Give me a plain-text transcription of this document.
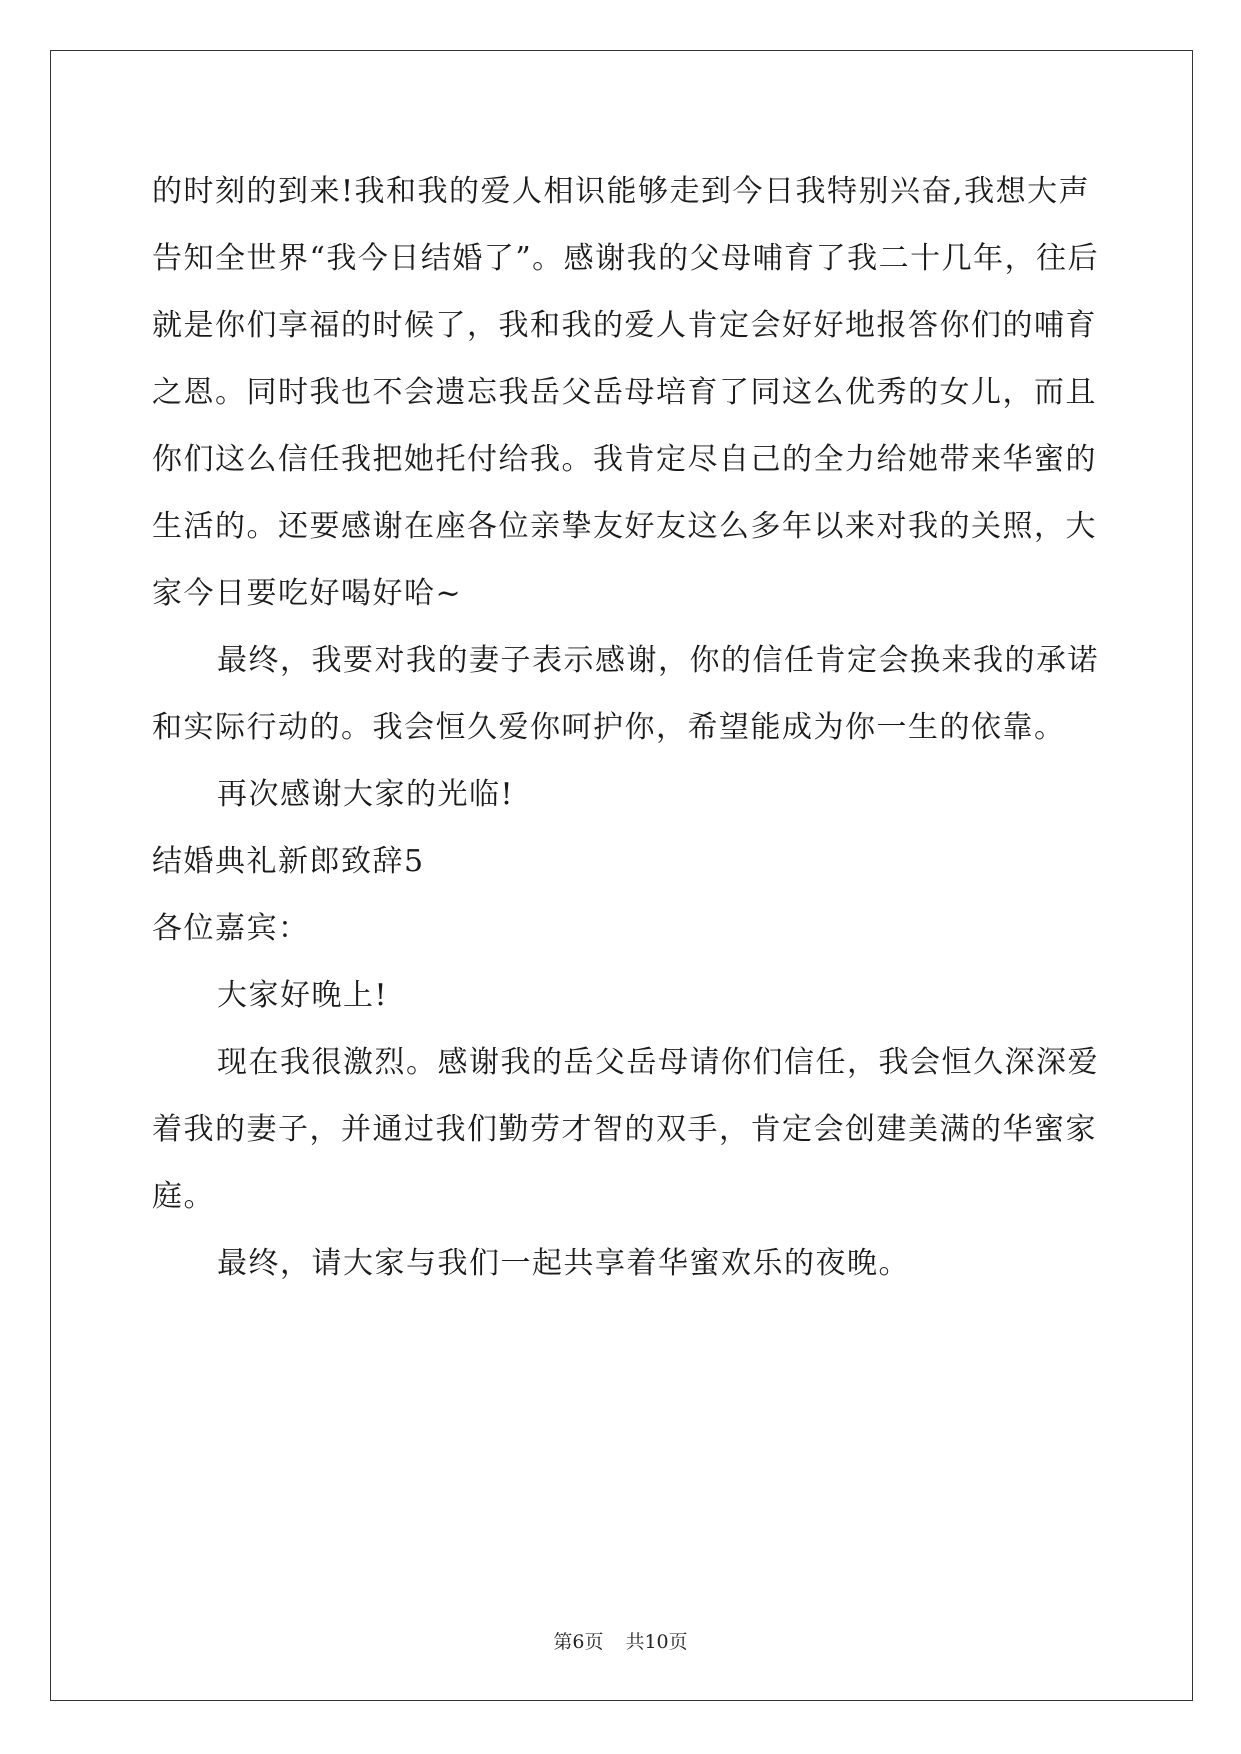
的时刻的到来!我和我的爱人相识能够走到今日我特别兴奋,我想大声
告知全世界“我今日结婚了”。感谢我的父母哺育了我二十几年，往后
就是你们享福的时候了，我和我的爱人肯定会好好地报答你们的哺育
之恩。同时我也不会遗忘我岳父岳母培育了同这么优秀的女儿，而且
你们这么信任我把她托付给我。我肯定尽自己的全力给她带来华蜜的
生活的。还要感谢在座各位亲挚友好友这么多年以来对我的关照，大
家今日要吃好喝好哈~
最终，我要对我的妻子表示感谢，你的信任肯定会换来我的承诺
和实际行动的。我会恒久爱你呵护你，希望能成为你一生的依靠。
再次感谢大家的光临!
结婚典礼新郎致辞5
各位嘉宾：
大家好晚上!
现在我很激烈。感谢我的岳父岳母请你们信任，我会恒久深深爱
着我的妻子，并通过我们勤劳才智的双手，肯定会创建美满的华蜜家
庭。
最终，请大家与我们一起共享着华蜜欢乐的夜晚。
第6页 共10页
